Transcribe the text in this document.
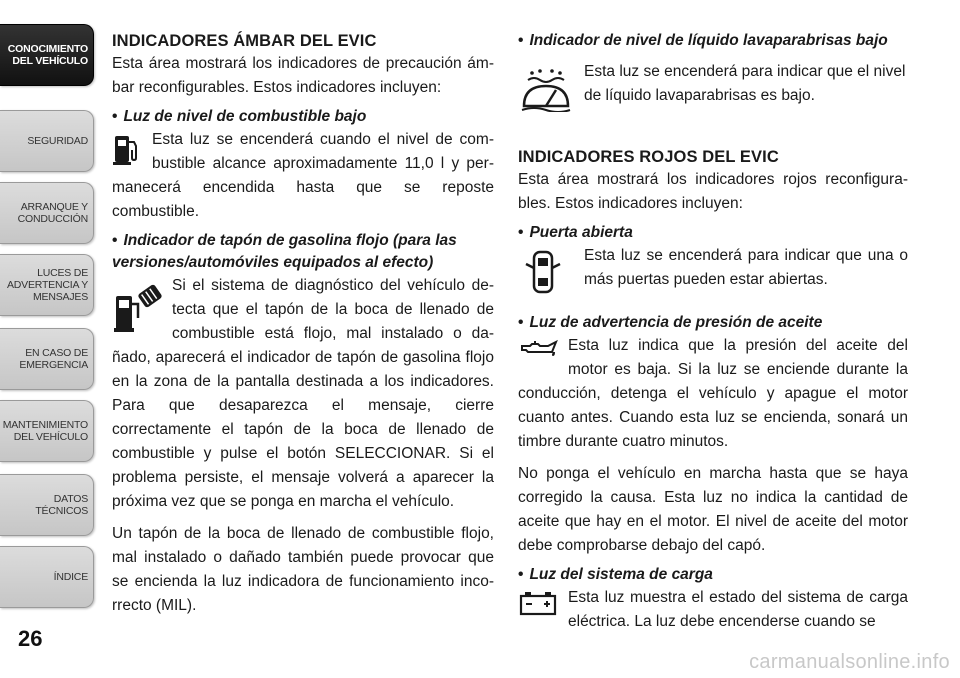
CONOCIMIENTO
DEL VEHÍCULO
SEGURIDAD
ARRANQUE Y
CONDUCCIÓN
LUCES DE
ADVERTENCIA Y
MENSAJES
EN CASO DE
EMERGENCIA
MANTENIMIENTO
DEL VEHÍCULO
DATOS
TÉCNICOS
ÍNDICE
26
INDICADORES ÁMBAR DEL EVIC

Esta área mostrará los indicadores de precaución ám-bar reconfigurables. Estos indicadores incluyen:

• Luz de nivel de combustible bajo

Esta luz se encenderá cuando el nivel de com-bustible alcance aproximadamente 11,0 l y per-manecerá encendida hasta que se reposte combustible.

• Indicador de tapón de gasolina flojo (para las versiones/automóviles equipados al efecto)

Si el sistema de diagnóstico del vehículo de-tecta que el tapón de la boca de llenado de combustible está flojo, mal instalado o da-ñado, aparecerá el indicador de tapón de gasolina flojo en la zona de la pantalla destinada a los indicadores. Para que desaparezca el mensaje, cierre correctamente el tapón de la boca de llenado de combustible y pulse el botón SELECCIONAR. Si el problema persiste, el mensaje volverá a aparecer la próxima vez que se ponga en marcha el vehículo.

Un tapón de la boca de llenado de combustible flojo, mal instalado o dañado también puede provocar que se encienda la luz indicadora de funcionamiento inco-rrecto (MIL).

• Indicador de nivel de líquido lavaparabrisas bajo

Esta luz se encenderá para indicar que el nivel de líquido lavaparabrisas es bajo.

INDICADORES ROJOS DEL EVIC

Esta área mostrará los indicadores rojos reconfigura-bles. Estos indicadores incluyen:

• Puerta abierta

Esta luz se encenderá para indicar que una o más puertas pueden estar abiertas.

• Luz de advertencia de presión de aceite

Esta luz indica que la presión del aceite del motor es baja. Si la luz se enciende durante la conducción, detenga el vehículo y apague el motor cuanto antes. Cuando esta luz se encienda, sonará un timbre durante cuatro minutos.

No ponga el vehículo en marcha hasta que se haya corregido la causa. Esta luz no indica la cantidad de aceite que hay en el motor. El nivel de aceite del motor debe comprobarse debajo del capó.

• Luz del sistema de carga

Esta luz muestra el estado del sistema de carga eléctrica. La luz debe encenderse cuando se

carmanualsonline.info
